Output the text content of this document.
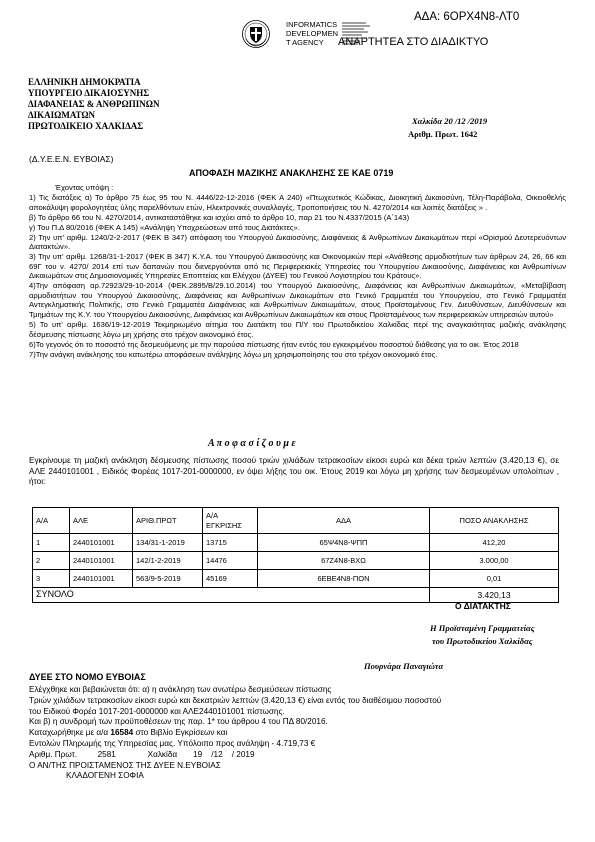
ΑΔΑ: 6ΟΡΧ4Ν8-ΛΤ0
INFORMATICS
DEVELOPMEN
T AGENCY	ΑΝΑΡΤΗΤΕΑ ΣΤΟ ΔΙΑΔΙΚΤΥΟ
ΕΛΛΗΝΙΚΗ ΔΗΜΟΚΡΑΤΙΑ
ΥΠΟΥΡΓΕΙΟ ΔΙΚΑΙΟΣΥΝΗΣ
ΔΙΑΦΑΝΕΙΑΣ & ΑΝΘΡΩΠΙΝΩΝ
ΔΙΚΑΙΩΜΑΤΩΝ
ΠΡΩΤΟΔΙΚΕΙΟ ΧΑΛΚΙΔΑΣ	Χαλκίδα 20 /12 /2019
Αριθμ. Πρωτ. 1642
(Δ.Υ.Ε.Ε.Ν. ΕΥΒΟΙΑΣ)
ΑΠΟΦΑΣΗ ΜΑΖΙΚΗΣ ΑΝΑΚΛΗΣΗΣ ΣΕ ΚΑΕ 0719

Έχοντας υπόψη :

1) Τις διατάξεις α) Το άρθρο 75 έως 95 του Ν. 4446/22-12-2016 (ΦΕΚ Α 240) «Πτωχευτικός Κώδικας, Διοικητική Δικαιοσύνη, Τέλη-Παράβολα, Οικειοθελής αποκάλυψη φορολογητέας ύλης παρελθόντων ετών, Ηλεκτρονικές συναλλαγές, Τροποποιήσεις του Ν. 4270/2014 και λοιπές διατάξεις » .

β) Το άρθρο 66 του Ν. 4270/2014, αντικαταστάθηκε και ισχύει από το άρθρο 10, παρ 21 του Ν.4337/2015 (Α΄143)

γ) Του Π.Δ 80/2016 (ΦΕΚ Α 145) «Ανάληψη Υποχρεώσεων από τους Διατάκτες».

2) Την υπ' αριθμ. 1240/2-2-2017 (ΦΕΚ Β 347) απόφαση του Υπουργού Δικαιοσύνης, Διαφάνειας & Ανθρωπίνων Δικαιωμάτων περί «Ορισμού Δευτερευόντων Διατακτών».

3) Την υπ' αριθμ. 1268/31-1-2017 (ΦΕΚ Β 347) Κ.Υ.Α. του Υπουργού Δικαιοσύνης και Οικονομικών περί «Ανάθεσης αρμοδιοτήτων των άρθρων 24, 26, 66 και 69Γ του ν. 4270/ 2014 επί των δαπανών που διενεργούνται από τις Περιφερειακές Υπηρεσίες του Υπουργείου Δικαιοσύνης, Διαφάνειας και Ανθρωπίνων Δικαιωμάτων στις Δημοσιονομικές Υπηρεσίες Εποπτείας και Ελέγχου (ΔΥΕΕ) του Γενικού Λογιστηρίου του Κράτους».

4)Την απόφαση αρ.72923/29-10-2014 (ΦΕΚ.2895/Β/29.10.2014) του Υπουργού Δικαιοσύνης, Διαφάνειας και Ανθρωπίνων Δικαιωμάτων, «Μεταβίβαση αρμοδιοτήτων του Υπουργού Δικαιοσύνης, Διαφάνειας και Ανθρωπίνων Δικαιωμάτων στο Γενικό Γραμματέα του Υπουργείου, στο Γενικό Γραμματέα Αντεγκληματικής Πολιτικής, στο Γενικό Γραμματέα Διαφάνειας και Ανθρωπίνων Δικαιωμάτων, στους Προϊσταμένους Γεν. Διευθύνσεων, Διευθύνσεων και Τμημάτων της Κ.Υ. του Υπουργείου Δικαιοσύνης, Διαφάνειας και Ανθρωπίνων Δικαιωμάτων και στους Προϊσταμένους των περιφερειακών υπηρεσιών αυτού»

5) Το υπ' αριθμ. 1636/19-12-2019 Τεκμηριωμένο αίτημα του Διατάκτη του Π/Υ του Πρωτοδικείου Χαλκίδας περί της αναγκαιότητας μαζικής ανάκλησης δέσμευσης πίστωσης λόγω μη χρήσης στο τρέχον οικονομικό έτος.

6)Το γεγονός ότι το ποσοστό της δεσμευόμενης με την παρούσα πίστωσης ήταν εντός του εγκεκριμένου ποσοστού διάθεσης για το οικ. Έτος 2018

7)Την ανάγκη ανάκλησης του κατωτέρω αποφάσεων ανάληψης λόγω μη χρησιμοποίησης του στο τρέχον οικονομικό έτος.

Α π ο φ α σ ί ζ ο υ μ ε
Εγκρίνουμε τη μαζική ανάκληση δέσμευσης πίστωσης ποσού τριών χιλιάδων τετρακοσίων είκοσι ευρώ και δέκα τριών λεπτών (3.420,13 €), σε ΑΛΕ 2440101001 , Ειδικός Φορέας 1017-201-0000000, εν όψει λήξης του οικ. Έτους 2019 και λόγω μη χρήσης των δεσμευμένων υπολοίπων , ήτοι:
Α/Α	ΑΛΕ	ΑΡΙΘ.ΠΡΩΤ	Α/Α ΕΓΚΡΙΣΗΣ	ΑΔΑ	ΠΟΣΟ ΑΝΑΚΛΗΣΗΣ
1	2440101001	134/31-1-2019	13715	65Ψ4Ν8-ΨΠΠ	412,20
2	2440101001	142/1-2-2019	14476	67Ζ4Ν8-ΒΧΩ	3.000,00
3	2440101001	563/9-5-2019	45169	6ΕΒΕ4Ν8-ΠΟΝ	0,01
ΣΥΝΟΛΟ					3.420,13
Ο ΔΙΑΤΑΚΤΗΣ
Η Προϊσταμένη Γραμματείας
του Πρωτοδικείου Χαλκίδας
Πουρνάρα Παναγιώτα
ΔΥΕΕ ΣΤΟ ΝΟΜΟ ΕΥΒΟΙΑΣ
Ελέγχθηκε και βεβαιώνεται ότι: α) η ανάκληση των ανωτέρω δεσμεύσεων πίστωσης
Τριών χιλιάδων τετρακοσίων είκοσι ευρώ και δεκατριών λεπτών (3.420,13 €) είναι εντός του διαθέσιμου ποσοστού
του Ειδικού Φορέα 1017-201-0000000 και ΑΛΕ2440101001 πίστωσης.
Και β) η συνδρομή των προϋποθέσεων της παρ. 1* του άρθρου 4 του ΠΔ 80/2016.
Καταχωρήθηκε με α/α 16584 στο Βιβλίο Εγκρίσεων και
Εντολών Πληρωμής της Υπηρεσίας μας. Υπόλοιπο προς ανάληψη - 4.719,73 €
Αριθμ. Πρωτ.         2581              Χαλκίδα       19    /12    / 2019
Ο ΑΝ/ΤΗΣ ΠΡΟΙΣΤΑΜΕΝΟΣ ΤΗΣ ΔΥΕΕ Ν.ΕΥΒΟΙΑΣ
ΚΛΑΔΟΓΕΝΗ ΣΟΦΙΑ
